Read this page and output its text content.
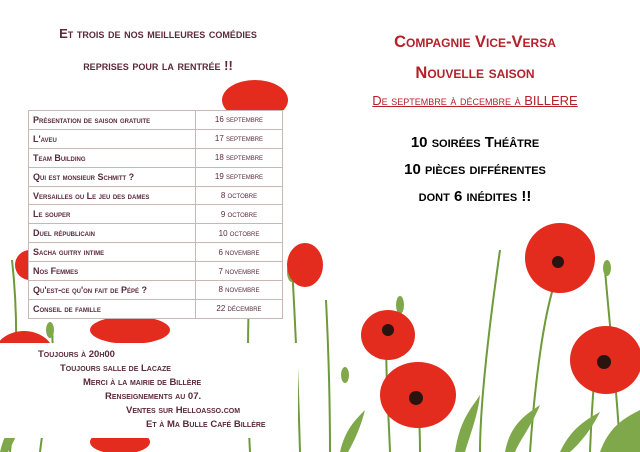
Et trois de nos meilleures comédies
reprises pour la rentrée !!
Présentation de saison gratuite	16 septembre
L'aveu	17 septembre
Team Building	18 septembre
Qui est monsieur Schmitt ?	19 septembre
Versailles ou Le jeu des dames	8 octobre
Le souper	9 octobre
Duel républicain	10 octobre
Sacha guitry intime	6 novembre
Nos Femmes	7 novembre
Qu'est-ce qu'on fait de Pépé ?	8 novembre
Conseil de famille	22 décembre
Toujours à 20h00
Toujours salle de Lacaze
Merci à la mairie de Billère
Renseignements au 07.
Ventes sur Helloasso.com
Et à Ma Bulle Café Billère
Compagnie Vice-Versa
Nouvelle saison
De septembre à décembre à BILLERE
10 soirées Théâtre
10 pièces différentes
dont 6 inédites !!
